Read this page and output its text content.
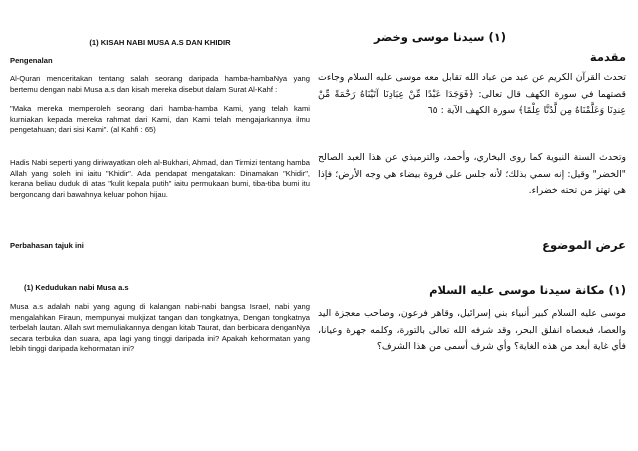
(1) KISAH NABI MUSA A.S DAN KHIDIR

Pengenalan

Al-Quran menceritakan tentang salah seorang daripada hamba-hambaNya yang bertemu dengan nabi Musa a.s dan kisah mereka disebut dalam Surat Al-Kahf :

"Maka mereka memperoleh seorang dari hamba-hamba Kami, yang telah kami kurniakan kepada mereka rahmat dari Kami, dan Kami telah mengajarkannya ilmu pengetahuan; dari sisi Kami". (al Kahfi : 65)

Hadis Nabi seperti yang diriwayatkan oleh al-Bukhari, Ahmad, dan Tirmizi tentang hamba Allah yang soleh ini iaitu "Khidir". Ada pendapat mengatakan: Dinamakan "Khidir", kerana beliau duduk di atas "kulit kepala putih" iaitu permukaan bumi, tiba-tiba bumi itu bergoncang dari bawahnya keluar pohon hijau.

Perbahasan tajuk ini

(1) Kedudukan nabi Musa a.s

Musa a.s adalah nabi yang agung di kalangan nabi-nabi bangsa Israel, nabi yang mengalahkan Firaun, mempunyai mukjizat tangan dan tongkatnya, Dengan tongkatnya terbelah lautan. Allah swt memuliakannya dengan kitab Taurat, dan berbicara denganNya secara terbuka dan suara, apa lagi yang tinggi daripada ini? Apakah kehormatan yang lebih tinggi daripada kehormatan ini?

(١) سيدنا موسى وخضر
مقدمة
تحدث القرآن الكريم عن عبد من عباد الله تقابل معه موسى عليه السلام وجاءت قصتهما في سورة الكهف قال تعالى: ﴿فَوَجَدَا عَبْدًا مِّنْ عِبَادِنَا آتَيْنَاهُ رَحْمَةً مِّنْ عِندِنَا وَعَلَّمْنَاهُ مِن لَّدُنَّا عِلْمًا﴾ سورة الكهف الآية : ٦٥
وتحدث السنة النبوية كما روى البخاري، وأحمد، والترميذي عن هذا العبد الصالح "الخضر" وقيل: إنه سمي بذلك؛ لأنه جلس على فروة بيضاء هي وجه الأرض؛ فإذا هي تهتز من تحته خضراء.
عرض الموضوع
(١) مكانة سيدنا موسى عليه السلام
موسى عليه السلام كبير أنبياء بني إسرائيل، وقاهر فرعون، وصاحب معجزة اليد والعصا، فبعصاه انفلق البحر، وقد شرفه الله تعالى بالتورة، وكلمه جهرة وعيانا، فأي غاية أبعد من هذه الغاية؟ وأي شرف أسمى من هذا الشرف؟
